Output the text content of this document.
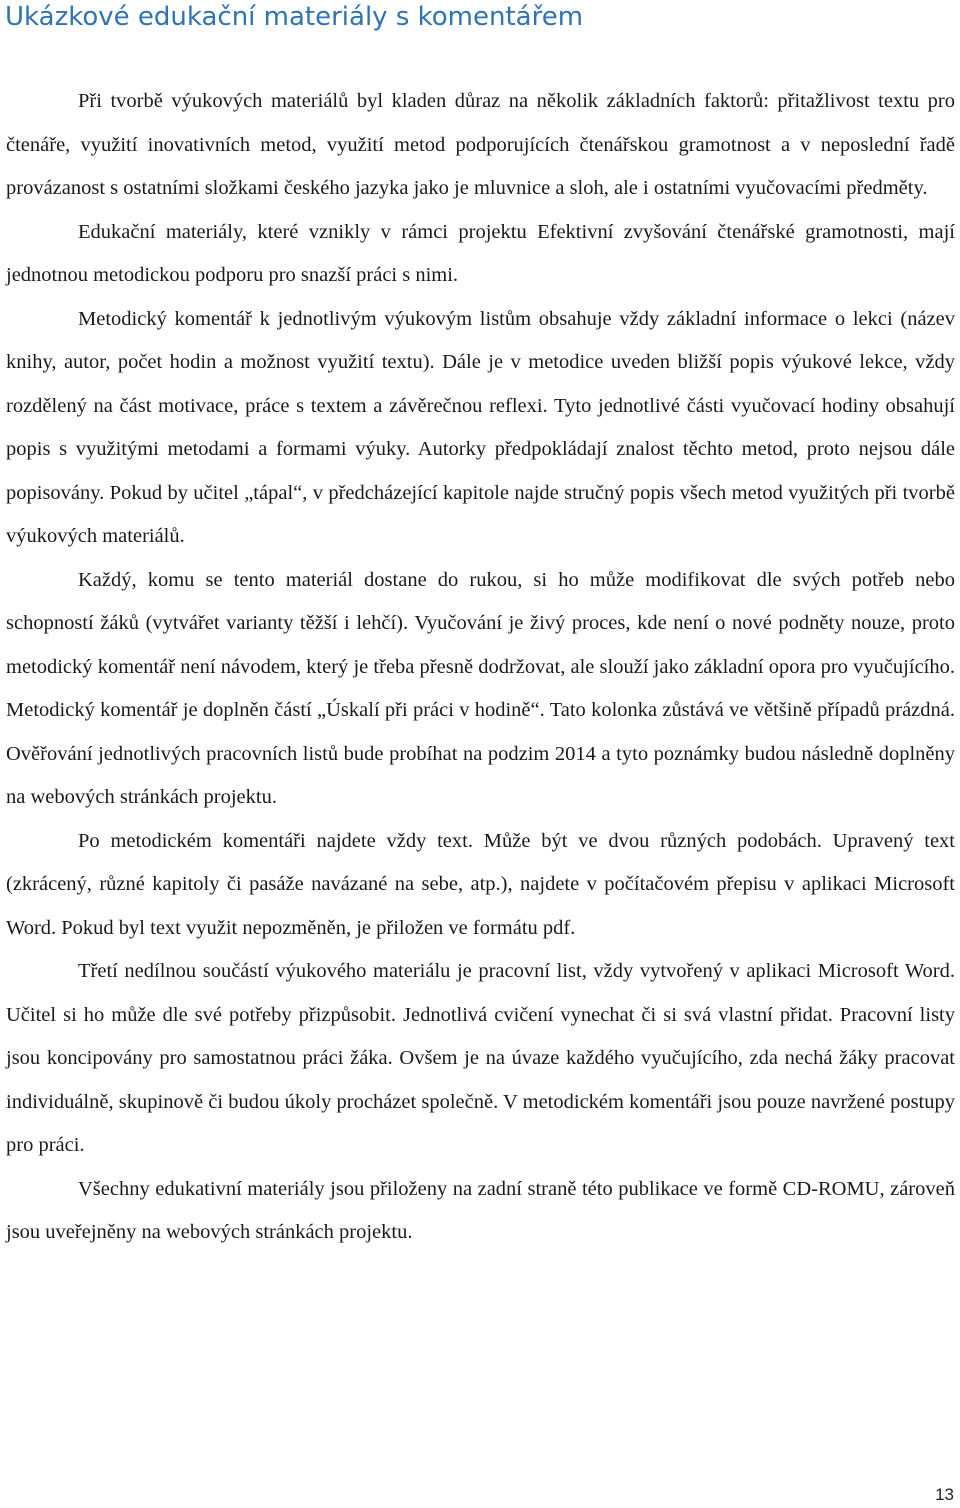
Ukázkové edukační materiály s komentářem

Při tvorbě výukových materiálů byl kladen důraz na několik základních faktorů: přitažlivost textu pro čtenáře, využití inovativních metod, využití metod podporujících čtenářskou gramotnost a v neposlední řadě provázanost s ostatními složkami českého jazyka jako je mluvnice a sloh, ale i ostatními vyučovacími předměty.

Edukační materiály, které vznikly v rámci projektu Efektivní zvyšování čtenářské gramotnosti, mají jednotnou metodickou podporu pro snazší práci s nimi.

Metodický komentář k jednotlivým výukovým listům obsahuje vždy základní informace o lekci (název knihy, autor, počet hodin a možnost využití textu). Dále je v metodice uveden bližší popis výukové lekce, vždy rozdělený na část motivace, práce s textem a závěrečnou reflexi. Tyto jednotlivé části vyučovací hodiny obsahují popis s využitými metodami a formami výuky. Autorky předpokládají znalost těchto metod, proto nejsou dále popisovány. Pokud by učitel „tápal“, v předcházející kapitole najde stručný popis všech metod využitých při tvorbě výukových materiálů.

Každý, komu se tento materiál dostane do rukou, si ho může modifikovat dle svých potřeb nebo schopností žáků (vytvářet varianty těžší i lehčí). Vyučování je živý proces, kde není o nové podněty nouze, proto metodický komentář není návodem, který je třeba přesně dodržovat, ale slouží jako základní opora pro vyučujícího. Metodický komentář je doplněn částí „Úskalí při práci v hodině“. Tato kolonka zůstává ve většině případů prázdná. Ověřování jednotlivých pracovních listů bude probíhat na podzim 2014 a tyto poznámky budou následně doplněny na webových stránkách projektu.

Po metodickém komentáři najdete vždy text. Může být ve dvou různých podobách. Upravený text (zkrácený, různé kapitoly či pasáže navázané na sebe, atp.), najdete v počítačovém přepisu v aplikaci Microsoft Word. Pokud byl text využit nepozměněn, je přiložen ve formátu pdf.

Třetí nedílnou součástí výukového materiálu je pracovní list, vždy vytvořený v aplikaci Microsoft Word. Učitel si ho může dle své potřeby přizpůsobit. Jednotlivá cvičení vynechat či si svá vlastní přidat. Pracovní listy jsou koncipovány pro samostatnou práci žáka. Ovšem je na úvaze každého vyučujícího, zda nechá žáky pracovat individuálně, skupinově či budou úkoly procházet společně. V metodickém komentáři jsou pouze navržené postupy pro práci.

Všechny edukativní materiály jsou přiloženy na zadní straně této publikace ve formě CD-ROMU, zároveň jsou uveřejněny na webových stránkách projektu.

13
